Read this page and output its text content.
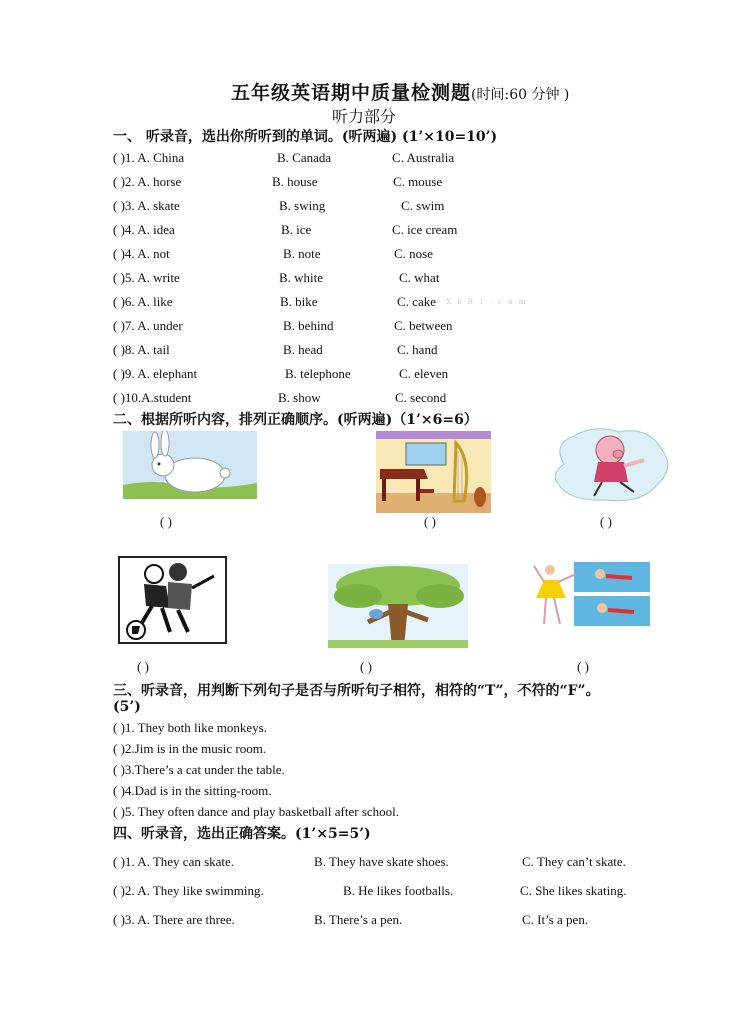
五年级英语期中质量检测题(时间:60 分钟 )
听力部分
一、 听录音，选出你所听到的单词。(听两遍) (1’×10=10’)
( )1. A. China	B. Canada	C. Australia
( )2. A. horse	B. house	C. mouse
( )3. A. skate	B. swing	C. swim
( )4. A. idea	B. ice	C. ice cream
( )4. A. not	B. note	C. nose
( )5. A. write	B. white	C. what
( )6. A. like	B. bike	C. cake
( )7. A. under	B. behind	C. between
( )8. A. tail	B. head	C. hand
( )9. A. elephant	B. telephone	C. eleven
( )10.A.student	B. show	C. second
X k B 1 . c o m
二、根据所听内容，排列正确顺序。(听两遍)（1’×6=6）
( )	( )	( )
( )	( )	( )
三、听录音，用判断下列句子是否与所听句子相符，相符的“T”，不符的“F”。
(5’)
( )1. They both like monkeys.
( )2.Jim is in the music room.
( )3.There’s a cat under the table.
( )4.Dad is in the sitting-room.
( )5. They often dance and play basketball after school.
四、听录音，选出正确答案。(1’×5=5’)
( )1. A. They can skate.	B. They have skate shoes.	C. They can’t skate.
( )2. A. They like swimming.	B. He likes footballs.	C. She likes skating.
( )3. A. There are three.	B. There’s a pen.	C. It’s a pen.
